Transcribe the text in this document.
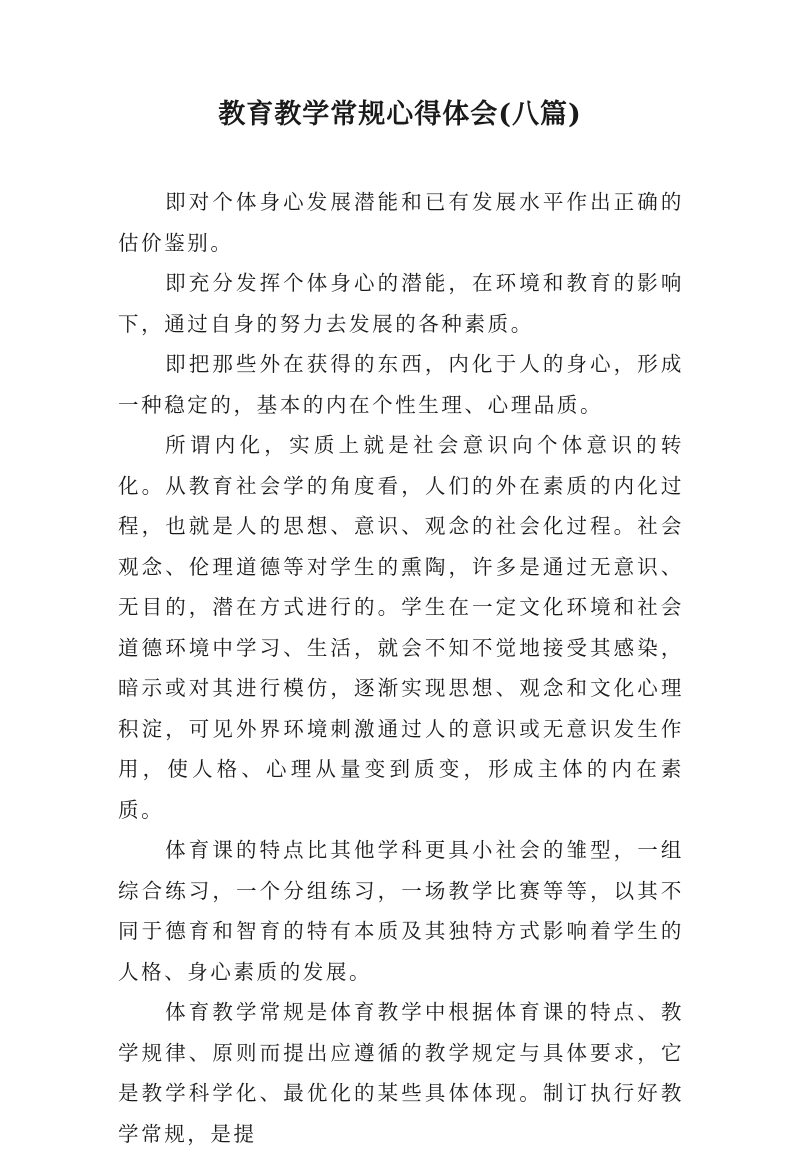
教育教学常规心得体会(八篇)

即对个体身心发展潜能和已有发展水平作出正确的估价鉴别。

即充分发挥个体身心的潜能，在环境和教育的影响下，通过自身的努力去发展的各种素质。

即把那些外在获得的东西，内化于人的身心，形成一种稳定的，基本的内在个性生理、心理品质。

所谓内化，实质上就是社会意识向个体意识的转化。从教育社会学的角度看，人们的外在素质的内化过程，也就是人的思想、意识、观念的社会化过程。社会观念、伦理道德等对学生的熏陶，许多是通过无意识、无目的，潜在方式进行的。学生在一定文化环境和社会道德环境中学习、生活，就会不知不觉地接受其感染，暗示或对其进行模仿，逐渐实现思想、观念和文化心理积淀，可见外界环境刺激通过人的意识或无意识发生作用，使人格、心理从量变到质变，形成主体的内在素质。

体育课的特点比其他学科更具小社会的雏型，一组综合练习，一个分组练习，一场教学比赛等等，以其不同于德育和智育的特有本质及其独特方式影响着学生的人格、身心素质的发展。

体育教学常规是体育教学中根据体育课的特点、教学规律、原则而提出应遵循的教学规定与具体要求，它是教学科学化、最优化的某些具体体现。制订执行好教学常规，是提
